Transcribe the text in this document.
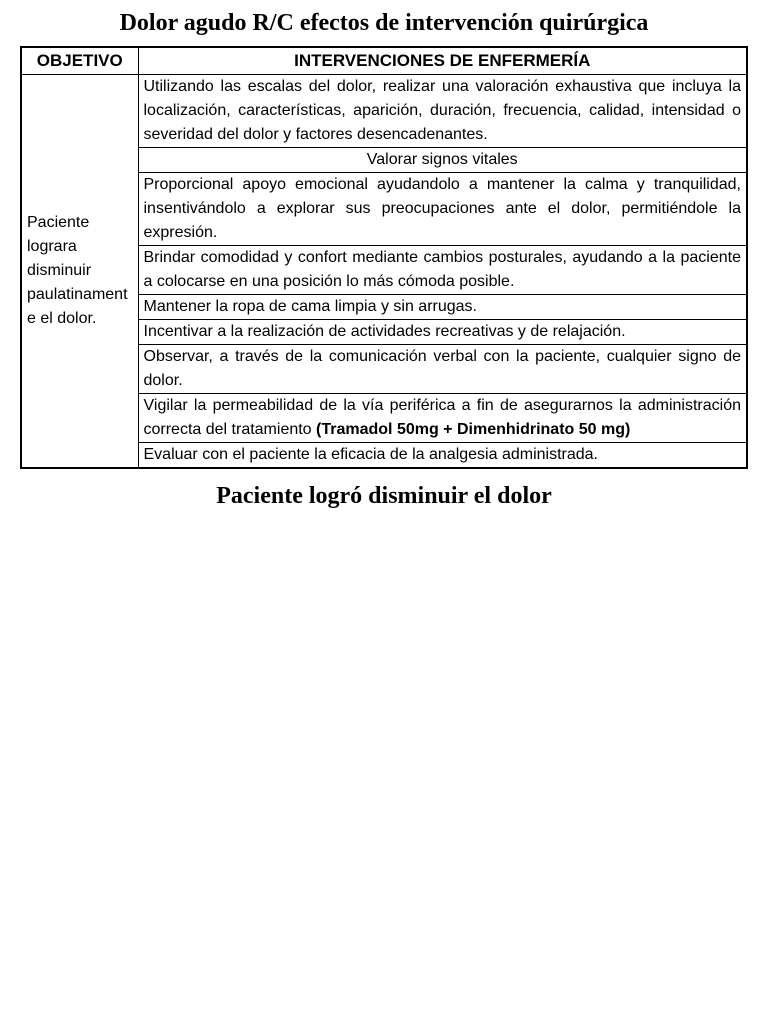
Dolor agudo R/C efectos de intervención quirúrgica
OBJETIVO	INTERVENCIONES DE ENFERMERÍA
Paciente lograra disminuir paulatinamente el dolor.	Utilizando las escalas del dolor, realizar una valoración exhaustiva que incluya la localización, características, aparición, duración, frecuencia, calidad, intensidad o severidad del dolor y factores desencadenantes.
	Valorar signos vitales
	Proporcional apoyo emocional ayudandolo a mantener la calma y tranquilidad, insentivándolo a explorar sus preocupaciones ante el dolor, permitiéndole la expresión.
	Brindar comodidad y confort mediante cambios posturales, ayudando a la paciente a colocarse en una posición lo más cómoda posible.
	Mantener la ropa de cama limpia y sin arrugas.
	Incentivar a la realización de actividades recreativas y de relajación.
	Observar, a través de la comunicación verbal con la paciente, cualquier signo de dolor.
	Vigilar la permeabilidad de la vía periférica a fin de asegurarnos la administración correcta del tratamiento (Tramadol 50mg + Dimenhidrinato 50 mg)
	Evaluar con el paciente la eficacia de la analgesia administrada.
Paciente logró disminuir el dolor
